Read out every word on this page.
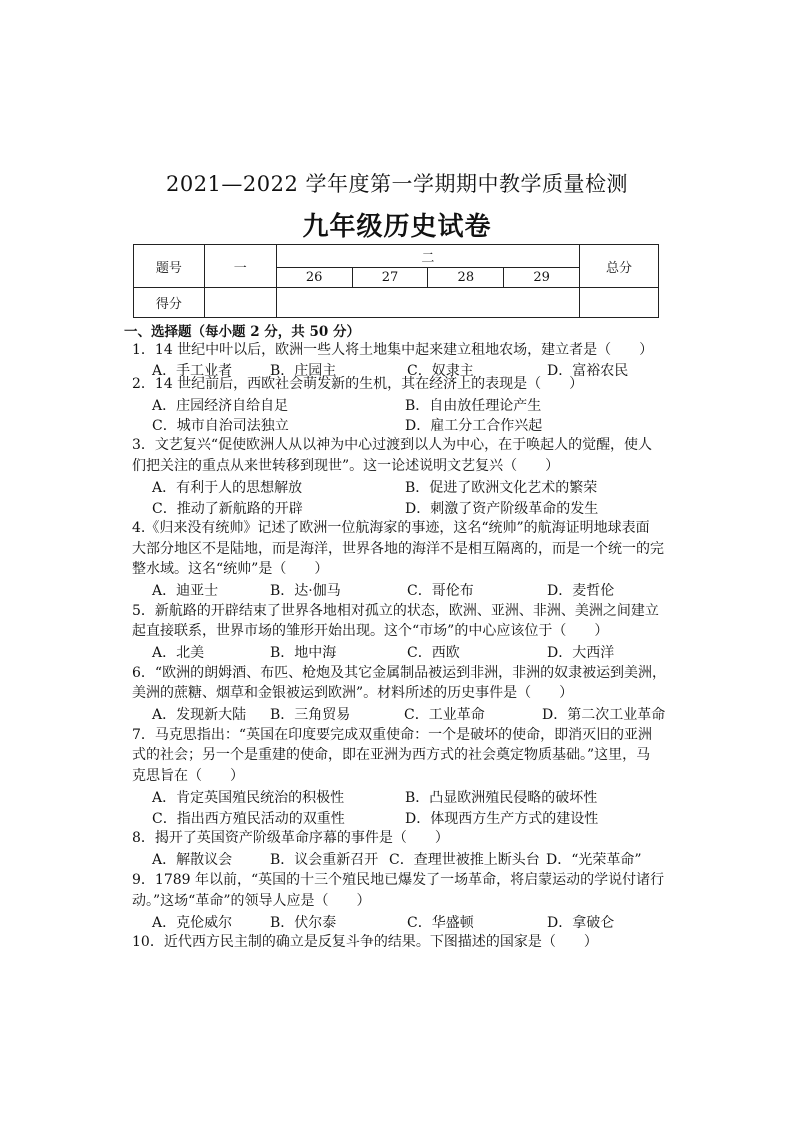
2021—2022 学年度第一学期期中教学质量检测
九年级历史试卷
题号	一	二				总分
		26	27	28	29	
得分						
一、选择题（每小题 2 分，共 50 分）
1．14 世纪中叶以后，欧洲一些人将土地集中起来建立租地农场，建立者是（　　）
A．手工业者	B．庄园主	C．奴隶主	D．富裕农民
2．14 世纪前后，西欧社会萌发新的生机，其在经济上的表现是（　　）
A．庄园经济自给自足	B．自由放任理论产生
C．城市自治司法独立	D．雇工分工合作兴起
3．文艺复兴“促使欧洲人从以神为中心过渡到以人为中心，在于唤起人的觉醒，使人
们把关注的重点从来世转移到现世”。这一论述说明文艺复兴（　　）
A．有利于人的思想解放	B．促进了欧洲文化艺术的繁荣
C．推动了新航路的开辟	D．刺激了资产阶级革命的发生
4.《归来没有统帅》记述了欧洲一位航海家的事迹，这名“统帅”的航海证明地球表面
大部分地区不是陆地，而是海洋，世界各地的海洋不是相互隔离的，而是一个统一的完
整水域。这名“统帅”是（　　）
A．迪亚士	B．达·伽马	C．哥伦布	D．麦哲伦
5．新航路的开辟结束了世界各地相对孤立的状态，欧洲、亚洲、非洲、美洲之间建立
起直接联系，世界市场的雏形开始出现。这个“市场”的中心应该位于（　　）
A．北美	B．地中海	C．西欧	D．大西洋
6．“欧洲的朗姆酒、布匹、枪炮及其它金属制品被运到非洲，非洲的奴隶被运到美洲，
美洲的蔗糖、烟草和金银被运到欧洲”。材料所述的历史事件是（　　）
A．发现新大陆 B．三角贸易	C．工业革命	D．第二次工业革命
7．马克思指出：“英国在印度要完成双重使命：一个是破坏的使命，即消灭旧的亚洲
式的社会；另一个是重建的使命，即在亚洲为西方式的社会奠定物质基础。”这里，马
克思旨在（　　）
A．肯定英国殖民统治的积极性	B．凸显欧洲殖民侵略的破坏性
C．指出西方殖民活动的双重性	D．体现西方生产方式的建设性
8．揭开了英国资产阶级革命序幕的事件是（　　）
A．解散议会	B．议会重新召开 C．查理世被推上断头台 D．“光荣革命”
9．1789 年以前，“英国的十三个殖民地已爆发了一场革命，将启蒙运动的学说付诸行
动。”这场“革命”的领导人应是（　　）
A．克伦威尔	B．伏尔泰	C．华盛顿	D．拿破仑
10．近代西方民主制的确立是反复斗争的结果。下图描述的国家是（　　）
